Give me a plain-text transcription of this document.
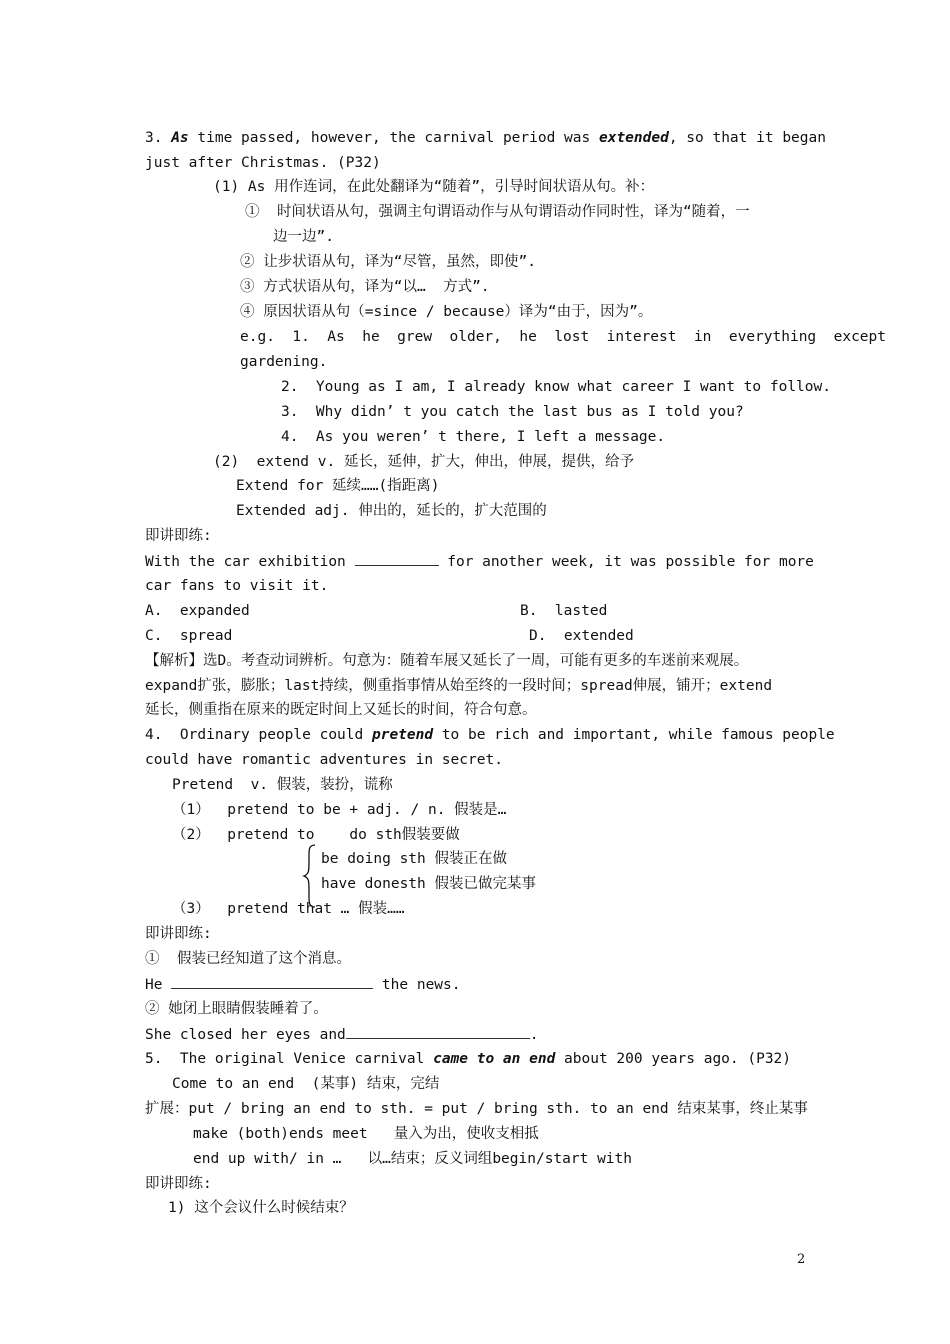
3. As time passed, however, the carnival period was extended, so that it began
just after Christmas. (P32)
(1) As 用作连词，在此处翻译为“随着”，引导时间状语从句。补：
①  时间状语从句，强调主句谓语动作与从句谓语动作同时性，译为“随着，一
边一边”.
② 让步状语从句，译为“尽管，虽然，即使”.
③ 方式状语从句，译为“以…  方式”.
④ 原因状语从句（=since / because）译为“由于，因为”。
e.g.  1.  As  he  grew  older,  he  lost  interest  in  everything  except
gardening.
2.  Young as I am, I already know what career I want to follow.
3.  Why didn’ t you catch the last bus as I told you?
4.  As you weren’ t there, I left a message.
(2)  extend v. 延长，延伸，扩大，伸出，伸展，提供，给予
Extend for 延续……(指距离)
Extended adj. 伸出的，延长的，扩大范围的
即讲即练:
With the car exhibition	for another week, it was possible for more
car fans to visit it.
A.  expanded	B.  lasted
C.  spread	D.  extended
【解析】选D。考查动词辨析。句意为：随着车展又延长了一周，可能有更多的车迷前来观展。
expand扩张，膨胀；last持续，侧重指事情从始至终的一段时间；spread伸展，铺开；extend
延长，侧重指在原来的既定时间上又延长的时间，符合句意。
4.  Ordinary people could pretend to be rich and important, while famous people
could have romantic adventures in secret.
Pretend  v. 假装，装扮，谎称
（1）  pretend to be + adj. / n. 假装是…
（2）  pretend to    do sth假装要做
be doing sth 假装正在做
have donesth 假装已做完某事
（3）  pretend that … 假装……
即讲即练:
①  假装已经知道了这个消息。
He	the news.
② 她闭上眼睛假装睡着了。
She closed her eyes and	.
5.  The original Venice carnival came to an end about 200 years ago. (P32)
Come to an end  (某事) 结束，完结
扩展：put / bring an end to sth. = put / bring sth. to an end 结束某事，终止某事
make (both)ends meet   量入为出，使收支相抵
end up with/ in …   以…结束；反义词组begin/start with
即讲即练:
1) 这个会议什么时候结束？
2
